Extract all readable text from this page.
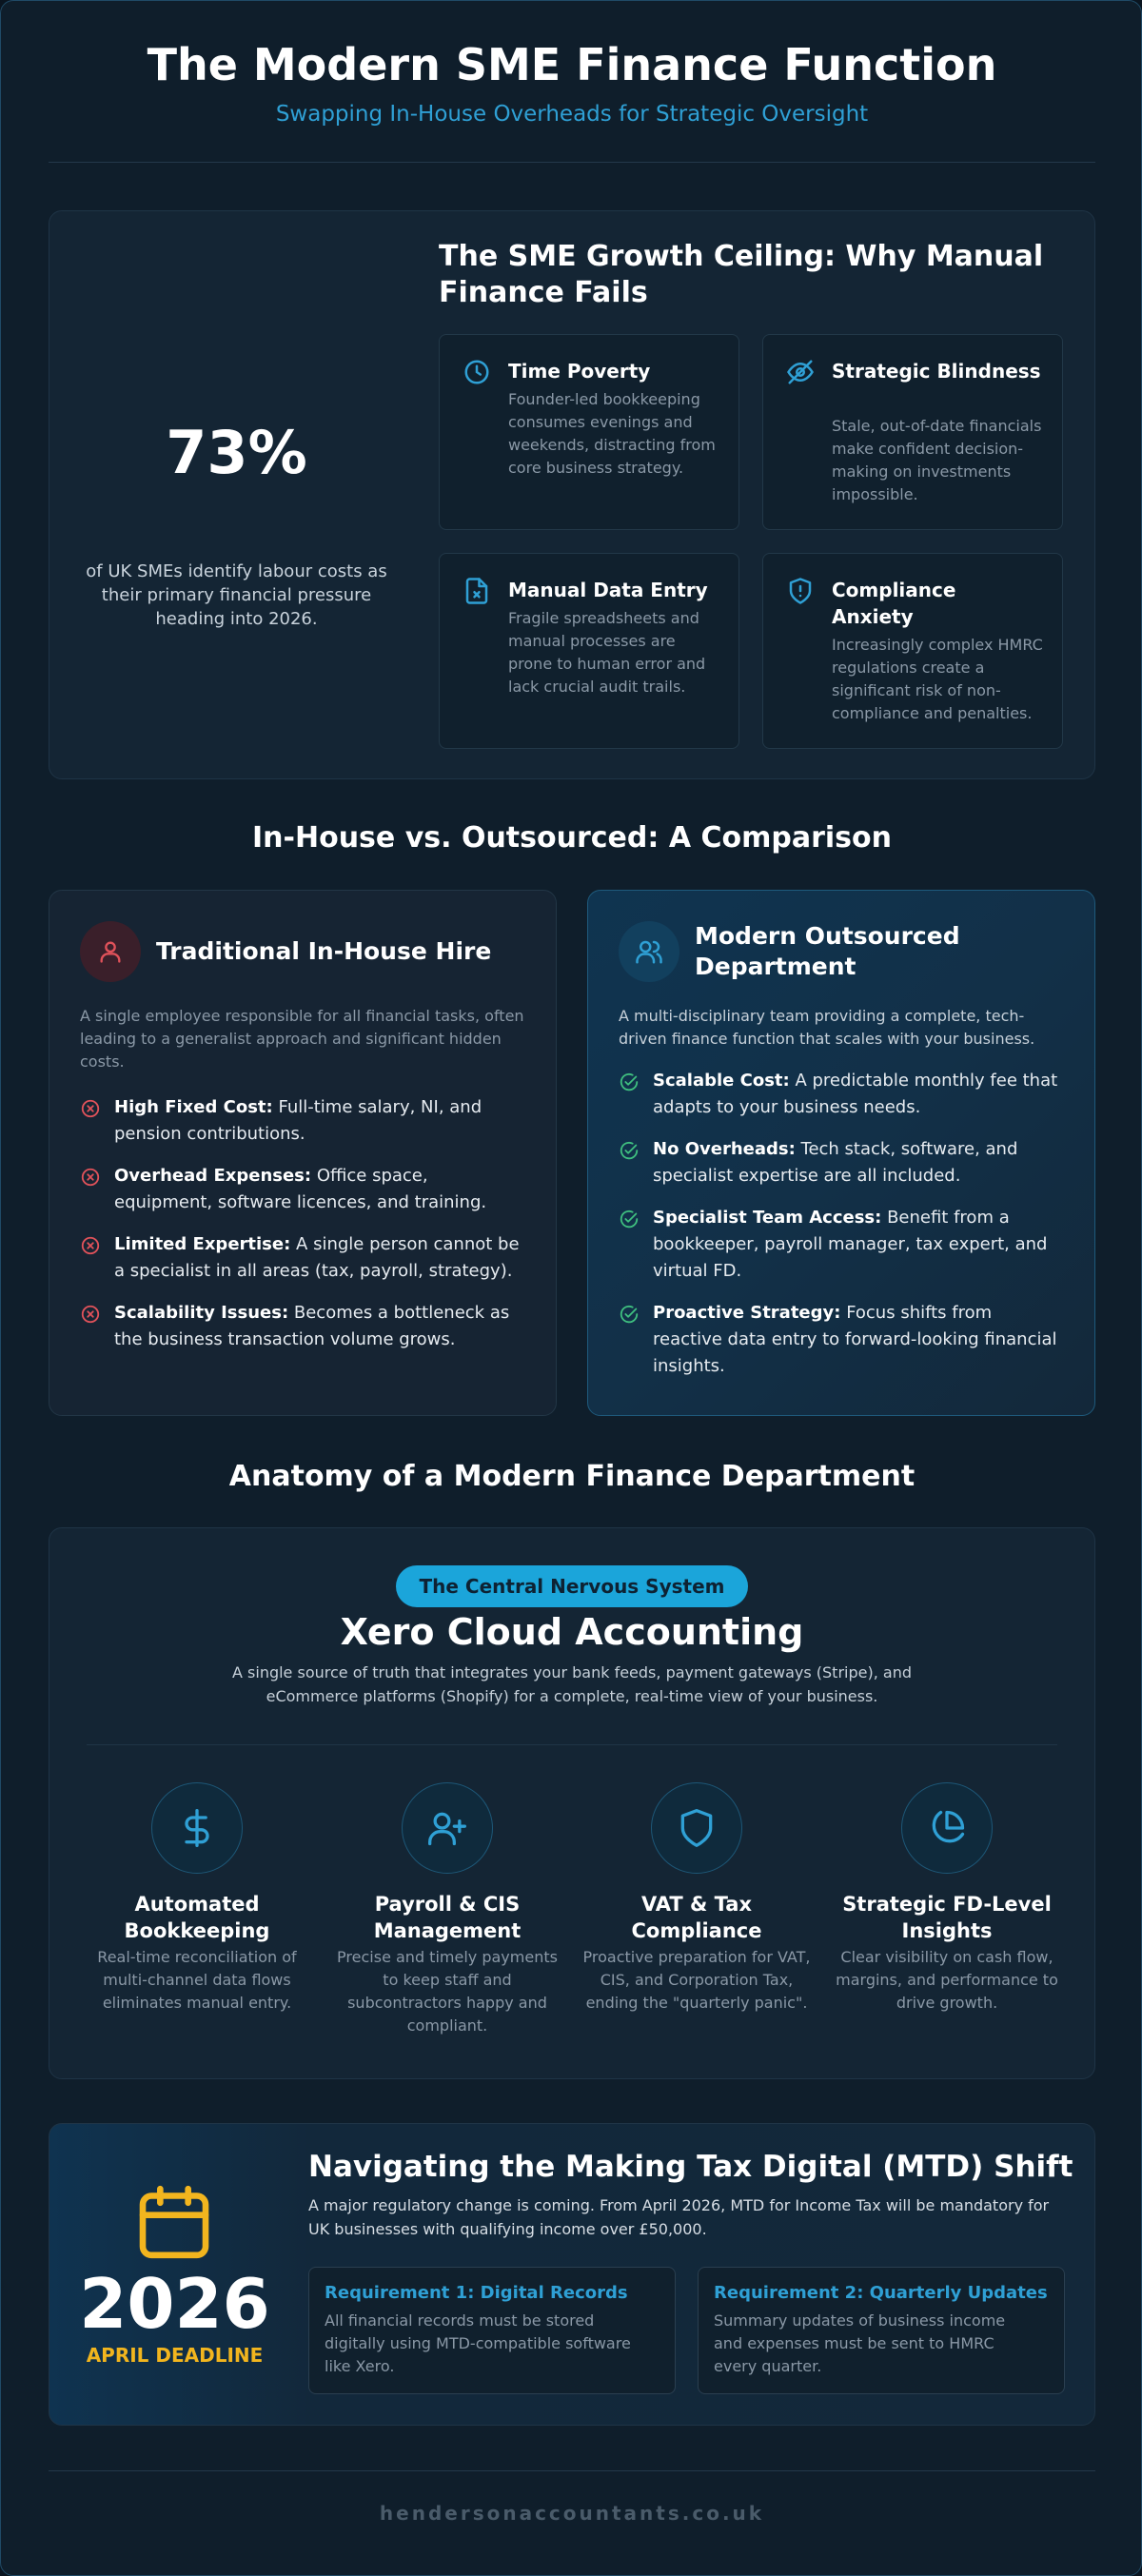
The Modern SME Finance Function
Swapping In-House Overheads for Strategic Oversight
73%
of UK SMEs identify labour costs as their primary financial pressure heading into 2026.
The SME Growth Ceiling: Why Manual Finance Fails
Time Poverty
Founder-led bookkeeping consumes evenings and weekends, distracting from core business strategy.
Strategic Blindness
Stale, out-of-date financials make confident decision-making on investments impossible.
Manual Data Entry
Fragile spreadsheets and manual processes are prone to human error and lack crucial audit trails.
Compliance Anxiety
Increasingly complex HMRC regulations create a significant risk of non-compliance and penalties.
In-House vs. Outsourced: A Comparison
Traditional In-House Hire
A single employee responsible for all financial tasks, often leading to a generalist approach and significant hidden costs.
High Fixed Cost: Full-time salary, NI, and pension contributions.
Overhead Expenses: Office space, equipment, software licences, and training.
Limited Expertise: A single person cannot be a specialist in all areas (tax, payroll, strategy).
Scalability Issues: Becomes a bottleneck as the business transaction volume grows.
Modern Outsourced Department
A multi-disciplinary team providing a complete, tech-driven finance function that scales with your business.
Scalable Cost: A predictable monthly fee that adapts to your business needs.
No Overheads: Tech stack, software, and specialist expertise are all included.
Specialist Team Access: Benefit from a bookkeeper, payroll manager, tax expert, and virtual FD.
Proactive Strategy: Focus shifts from reactive data entry to forward-looking financial insights.
Anatomy of a Modern Finance Department
The Central Nervous System
Xero Cloud Accounting
A single source of truth that integrates your bank feeds, payment gateways (Stripe), and eCommerce platforms (Shopify) for a complete, real-time view of your business.
Automated Bookkeeping
Real-time reconciliation of multi-channel data flows eliminates manual entry.
Payroll & CIS Management
Precise and timely payments to keep staff and subcontractors happy and compliant.
VAT & Tax Compliance
Proactive preparation for VAT, CIS, and Corporation Tax, ending the "quarterly panic".
Strategic FD-Level Insights
Clear visibility on cash flow, margins, and performance to drive growth.
2026
APRIL DEADLINE
Navigating the Making Tax Digital (MTD) Shift
A major regulatory change is coming. From April 2026, MTD for Income Tax will be mandatory for UK businesses with qualifying income over £50,000.
Requirement 1: Digital Records
All financial records must be stored digitally using MTD-compatible software like Xero.
Requirement 2: Quarterly Updates
Summary updates of business income and expenses must be sent to HMRC every quarter.
hendersonaccountants.co.uk
